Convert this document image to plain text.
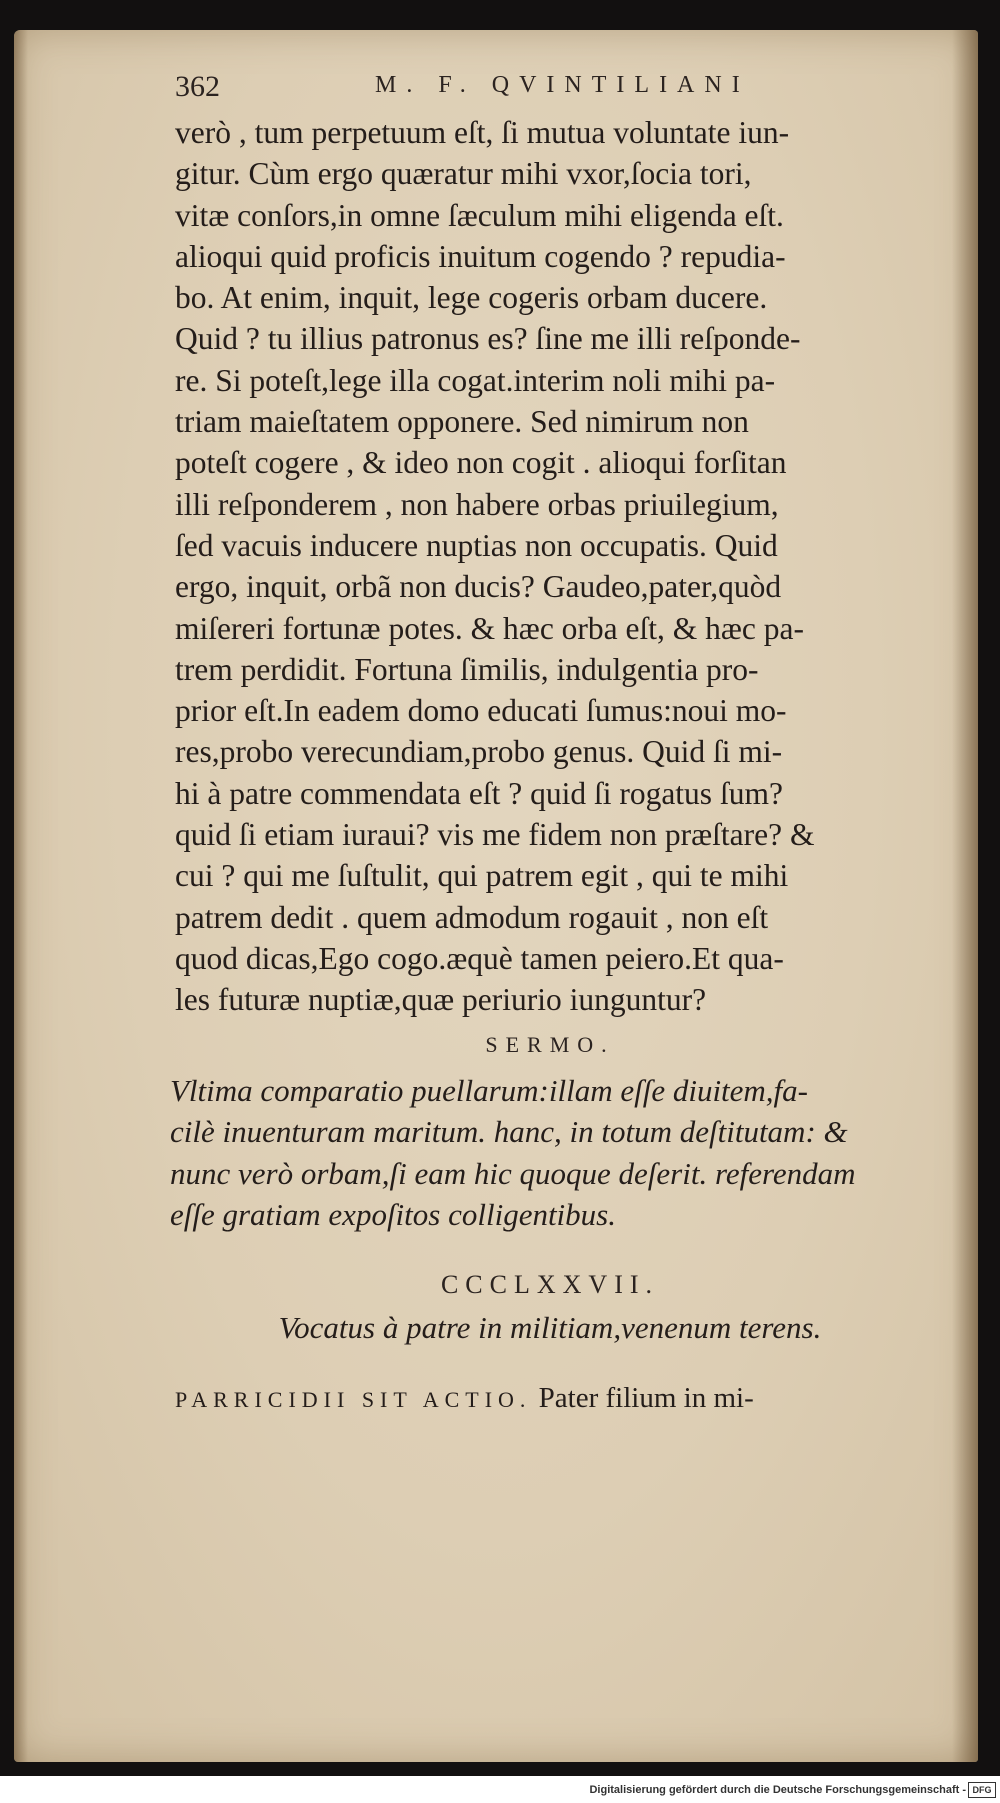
362	M. F. QVINTILIANI
verò , tum perpetuum eſt, ſi mutua voluntate iun-
gitur. Cùm ergo quæratur mihi vxor,ſocia tori,
vitæ conſors,in omne ſæculum mihi eligenda eſt.
alioqui quid proficis inuitum cogendo ? repudia-
bo. At enim, inquit, lege cogeris orbam ducere.
Quid ? tu illius patronus es? ſine me illi reſponde-
re. Si poteſt,lege illa cogat.interim noli mihi pa-
triam maieſtatem opponere. Sed nimirum non
poteſt cogere , & ideo non cogit . alioqui forſitan
illi reſponderem , non habere orbas priuilegium,
ſed vacuis inducere nuptias non occupatis. Quid
ergo, inquit, orbã non ducis? Gaudeo,pater,quòd
miſereri fortunæ potes. & hæc orba eſt, & hæc pa-
trem perdidit. Fortuna ſimilis, indulgentia pro-
prior eſt.In eadem domo educati ſumus:noui mo-
res,probo verecundiam,probo genus. Quid ſi mi-
hi à patre commendata eſt ? quid ſi rogatus ſum?
quid ſi etiam iuraui? vis me fidem non præſtare? &
cui ? qui me ſuſtulit, qui patrem egit , qui te mihi
patrem dedit . quem admodum rogauit , non eſt
quod dicas,Ego cogo.æquè tamen peiero.Et qua-
les futuræ nuptiæ,quæ periurio iunguntur?
SERMO.
Vltima comparatio puellarum:illam eſſe diuitem,fa-
cilè inuenturam maritum. hanc, in totum deſtitutam: &
nunc verò orbam,ſi eam hic quoque deſerit. referendam
eſſe gratiam expoſitos colligentibus.
CCCLXXVII.
Vocatus à patre in militiam,venenum terens.
PARRICIDII SIT ACTIO. Pater filium in mi-
Digitalisierung gefördert durch die Deutsche Forschungsgemeinschaft - DFG
